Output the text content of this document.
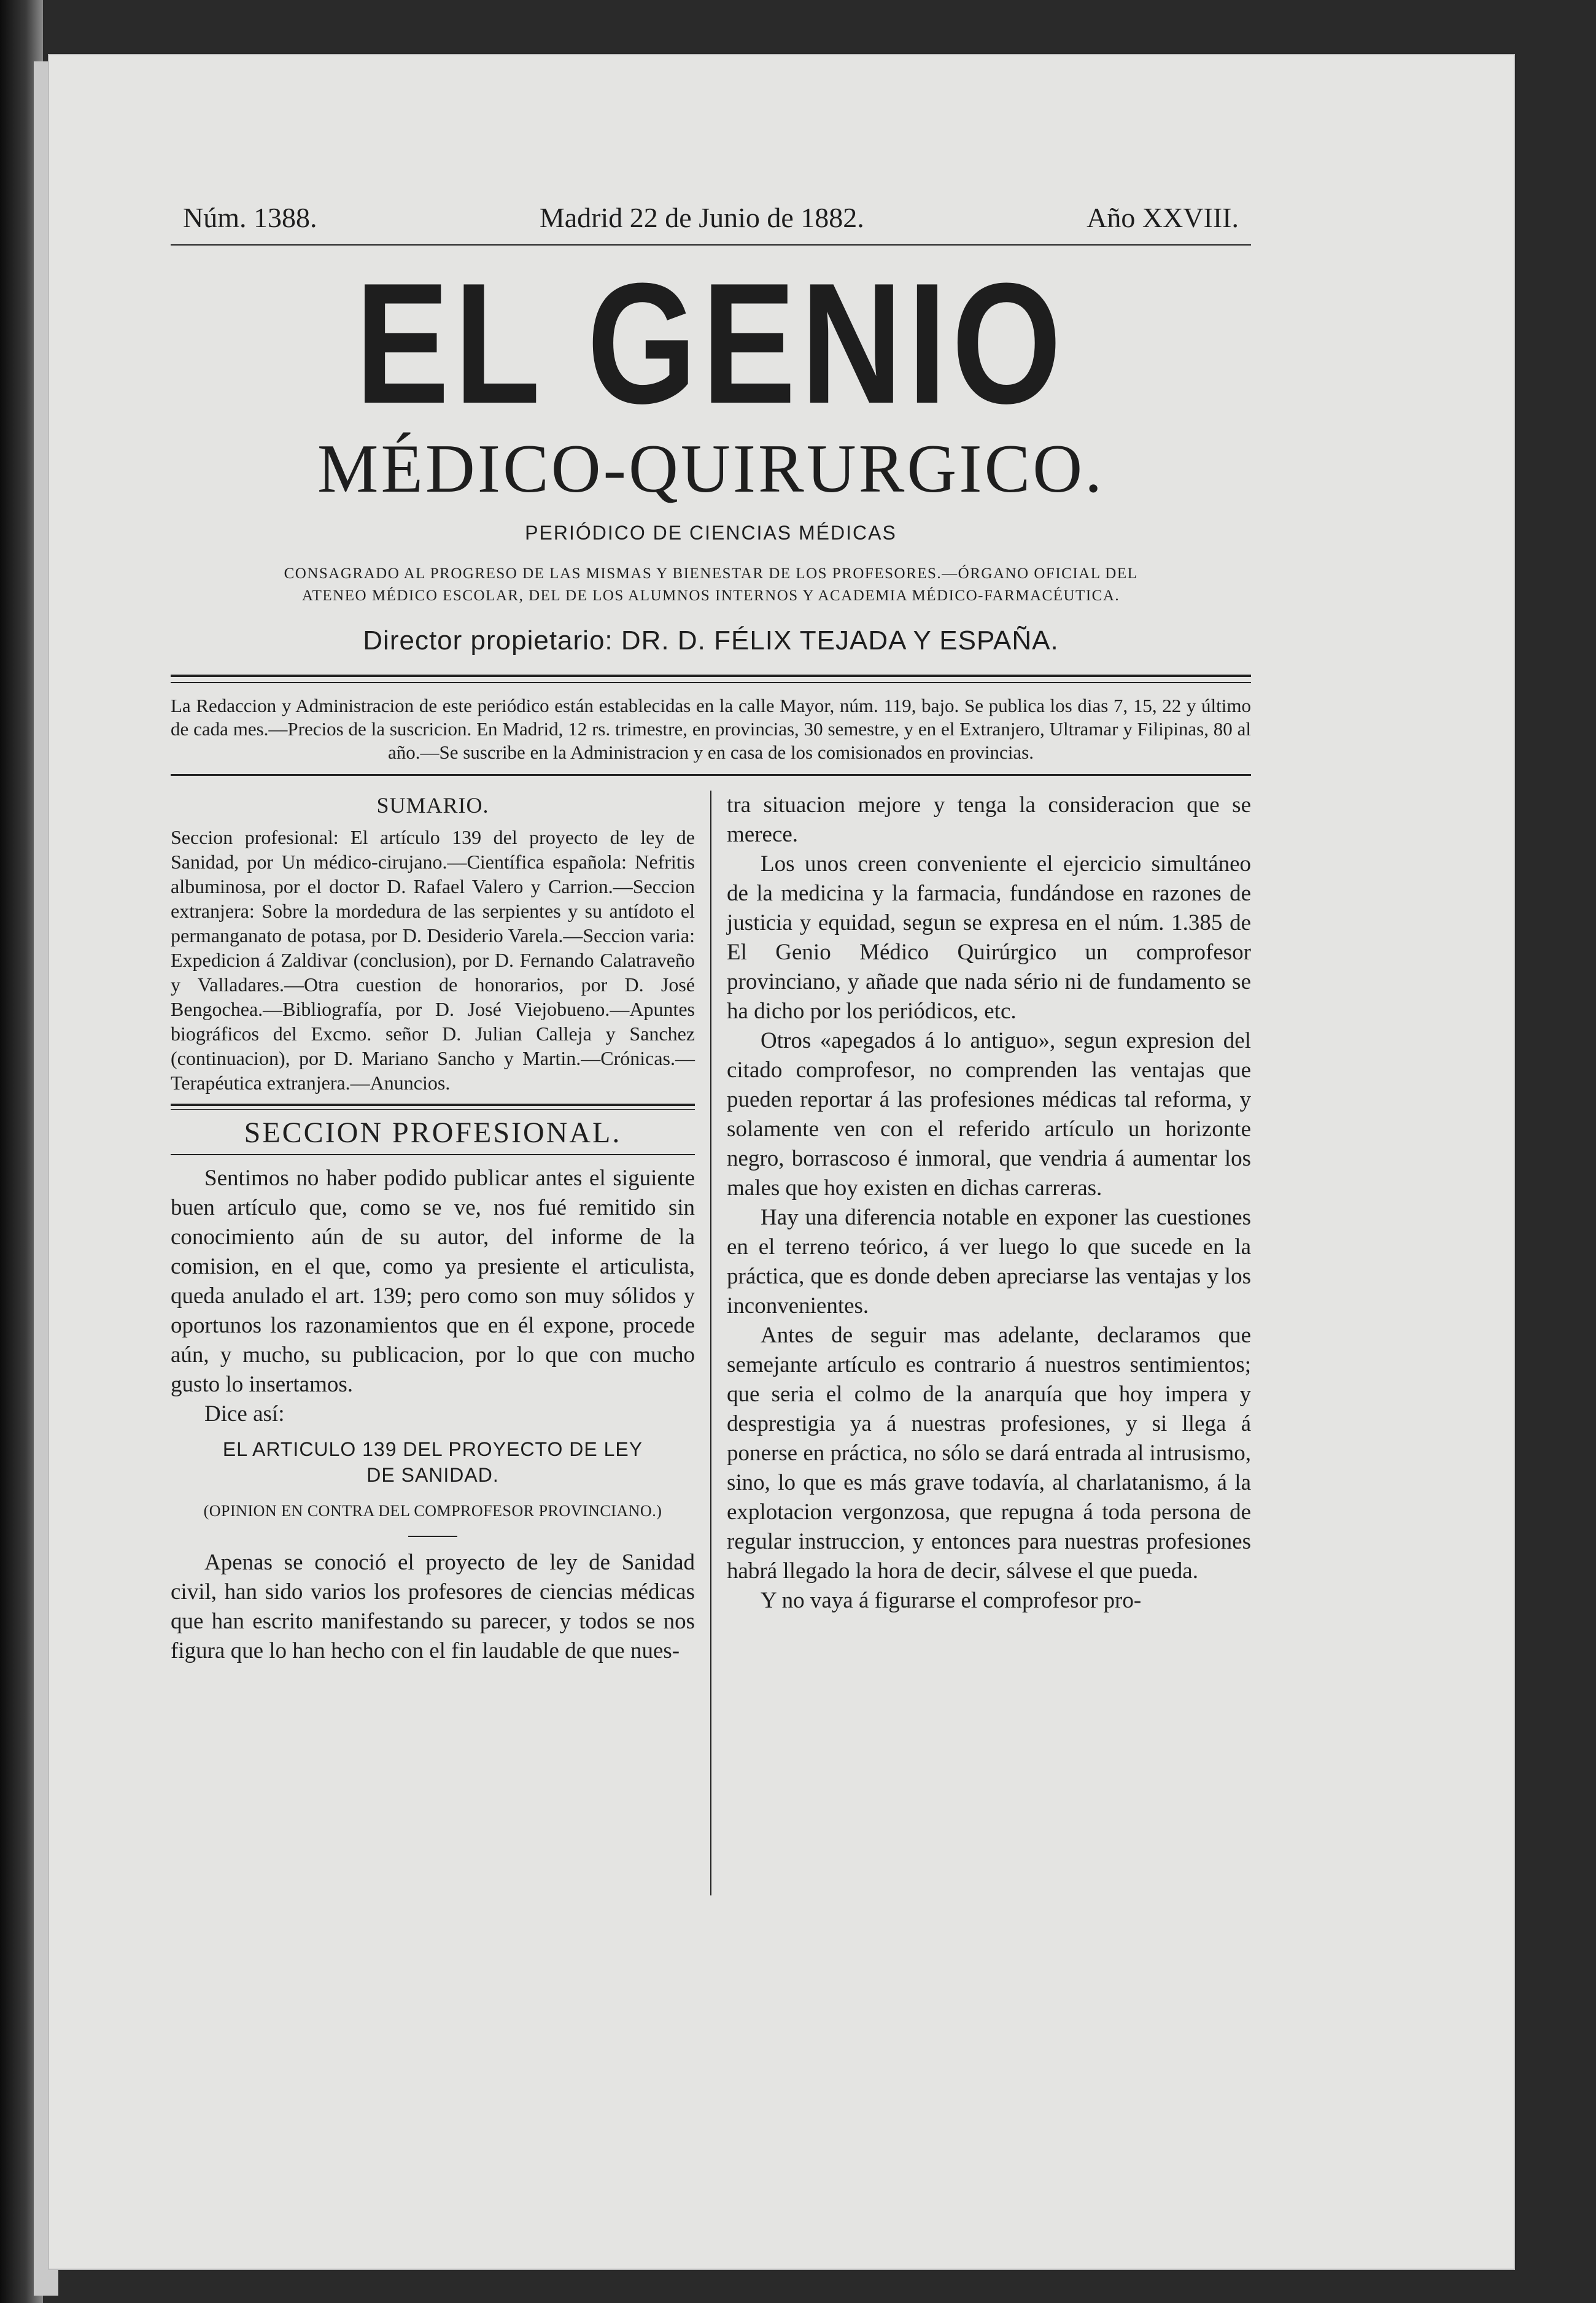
Núm. 1388.	Madrid 22 de Junio de 1882.	Año XXVIII.
EL GENIO
MÉDICO-QUIRURGICO.
PERIÓDICO DE CIENCIAS MÉDICAS
CONSAGRADO AL PROGRESO DE LAS MISMAS Y BIENESTAR DE LOS PROFESORES.—ÓRGANO OFICIAL DEL
ATENEO MÉDICO ESCOLAR, DEL DE LOS ALUMNOS INTERNOS Y ACADEMIA MÉDICO-FARMACÉUTICA.
Director propietario: DR. D. FÉLIX TEJADA Y ESPAÑA.
La Redaccion y Administracion de este periódico están establecidas en la calle Mayor, núm. 119, bajo. Se publica los dias 7, 15, 22 y último de cada mes.—Precios de la suscricion. En Madrid, 12 rs. trimestre, en provincias, 30 semestre, y en el Extranjero, Ultramar y Filipinas, 80 al año.—Se suscribe en la Administracion y en casa de los comisionados en provincias.
SUMARIO.
Seccion profesional: El artículo 139 del proyecto de ley de Sanidad, por Un médico-cirujano.—Científica española: Nefritis albuminosa, por el doctor D. Rafael Valero y Carrion.—Seccion extranjera: Sobre la mordedura de las serpientes y su antídoto el permanganato de potasa, por D. Desiderio Varela.—Seccion varia: Expedicion á Zaldivar (conclusion), por D. Fernando Calatraveño y Valladares.—Otra cuestion de honorarios, por D. José Bengochea.—Bibliografía, por D. José Viejobueno.—Apuntes biográficos del Excmo. señor D. Julian Calleja y Sanchez (continuacion), por D. Mariano Sancho y Martin.—Crónicas.—Terapéutica extranjera.—Anuncios.
SECCION PROFESIONAL.

Sentimos no haber podido publicar antes el siguiente buen artículo que, como se ve, nos fué remitido sin conocimiento aún de su autor, del informe de la comision, en el que, como ya presiente el articulista, queda anulado el art. 139; pero como son muy sólidos y oportunos los razonamientos que en él expone, procede aún, y mucho, su publicacion, por lo que con mucho gusto lo insertamos.

Dice así:

EL ARTICULO 139 DEL PROYECTO DE LEY
DE SANIDAD.
(OPINION EN CONTRA DEL COMPROFESOR PROVINCIANO.)

Apenas se conoció el proyecto de ley de Sanidad civil, han sido varios los profesores de ciencias médicas que han escrito manifestando su parecer, y todos se nos figura que lo han hecho con el fin laudable de que nues-

tra situacion mejore y tenga la consideracion que se merece.

Los unos creen conveniente el ejercicio simultáneo de la medicina y la farmacia, fundándose en razones de justicia y equidad, segun se expresa en el núm. 1.385 de El Genio Médico Quirúrgico un comprofesor provinciano, y añade que nada sério ni de fundamento se ha dicho por los periódicos, etc.

Otros «apegados á lo antiguo», segun expresion del citado comprofesor, no comprenden las ventajas que pueden reportar á las profesiones médicas tal reforma, y solamente ven con el referido artículo un horizonte negro, borrascoso é inmoral, que vendria á aumentar los males que hoy existen en dichas carreras.

Hay una diferencia notable en exponer las cuestiones en el terreno teórico, á ver luego lo que sucede en la práctica, que es donde deben apreciarse las ventajas y los inconvenientes.

Antes de seguir mas adelante, declaramos que semejante artículo es contrario á nuestros sentimientos; que seria el colmo de la anarquía que hoy impera y desprestigia ya á nuestras profesiones, y si llega á ponerse en práctica, no sólo se dará entrada al intrusismo, sino, lo que es más grave todavía, al charlatanismo, á la explotacion vergonzosa, que repugna á toda persona de regular instruccion, y entonces para nuestras profesiones habrá llegado la hora de decir, sálvese el que pueda.

Y no vaya á figurarse el comprofesor pro-
